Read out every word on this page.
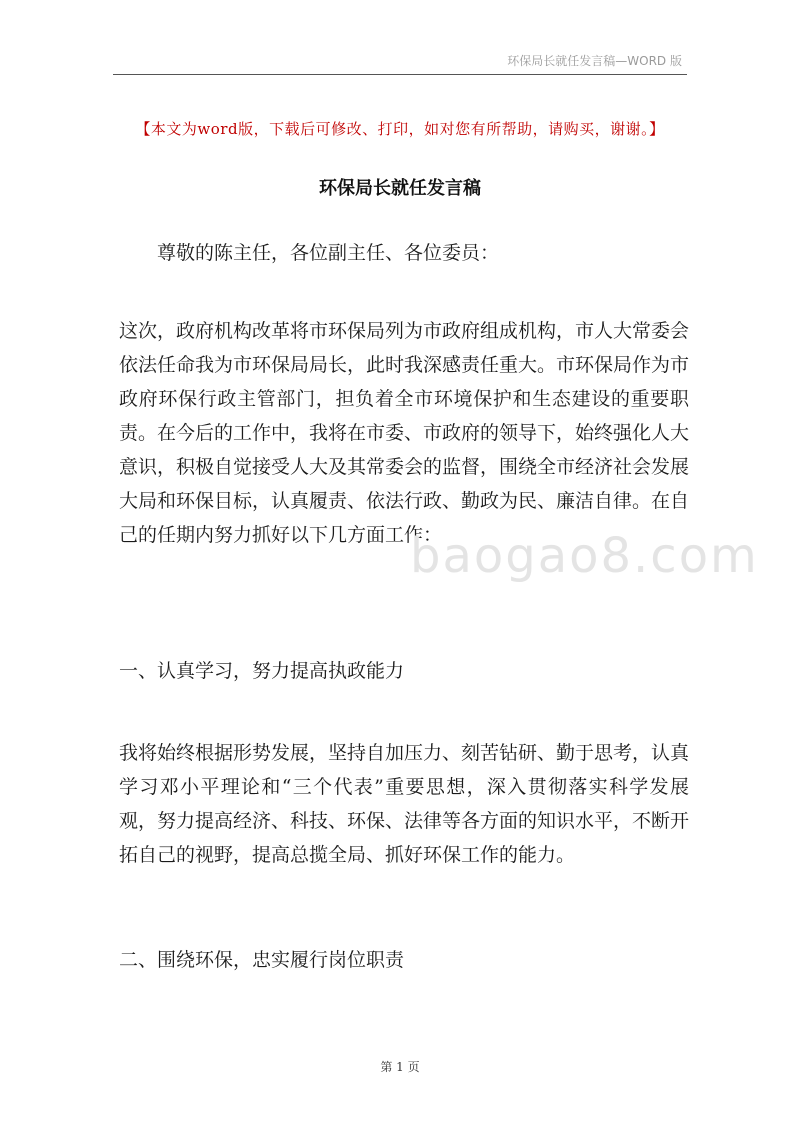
环保局长就任发言稿—WORD 版
【本文为word版，下载后可修改、打印，如对您有所帮助，请购买，谢谢。】
环保局长就任发言稿

尊敬的陈主任，各位副主任、各位委员：

这次，政府机构改革将市环保局列为市政府组成机构，市人大常委会依法任命我为市环保局局长，此时我深感责任重大。市环保局作为市政府环保行政主管部门，担负着全市环境保护和生态建设的重要职责。在今后的工作中，我将在市委、市政府的领导下，始终强化人大意识，积极自觉接受人大及其常委会的监督，围绕全市经济社会发展大局和环保目标，认真履责、依法行政、勤政为民、廉洁自律。在自己的任期内努力抓好以下几方面工作：

baogao8.com

一、认真学习，努力提高执政能力

我将始终根据形势发展，坚持自加压力、刻苦钻研、勤于思考，认真学习邓小平理论和“三个代表”重要思想，深入贯彻落实科学发展观，努力提高经济、科技、环保、法律等各方面的知识水平，不断开拓自己的视野，提高总揽全局、抓好环保工作的能力。

二、围绕环保，忠实履行岗位职责

第 1 页
